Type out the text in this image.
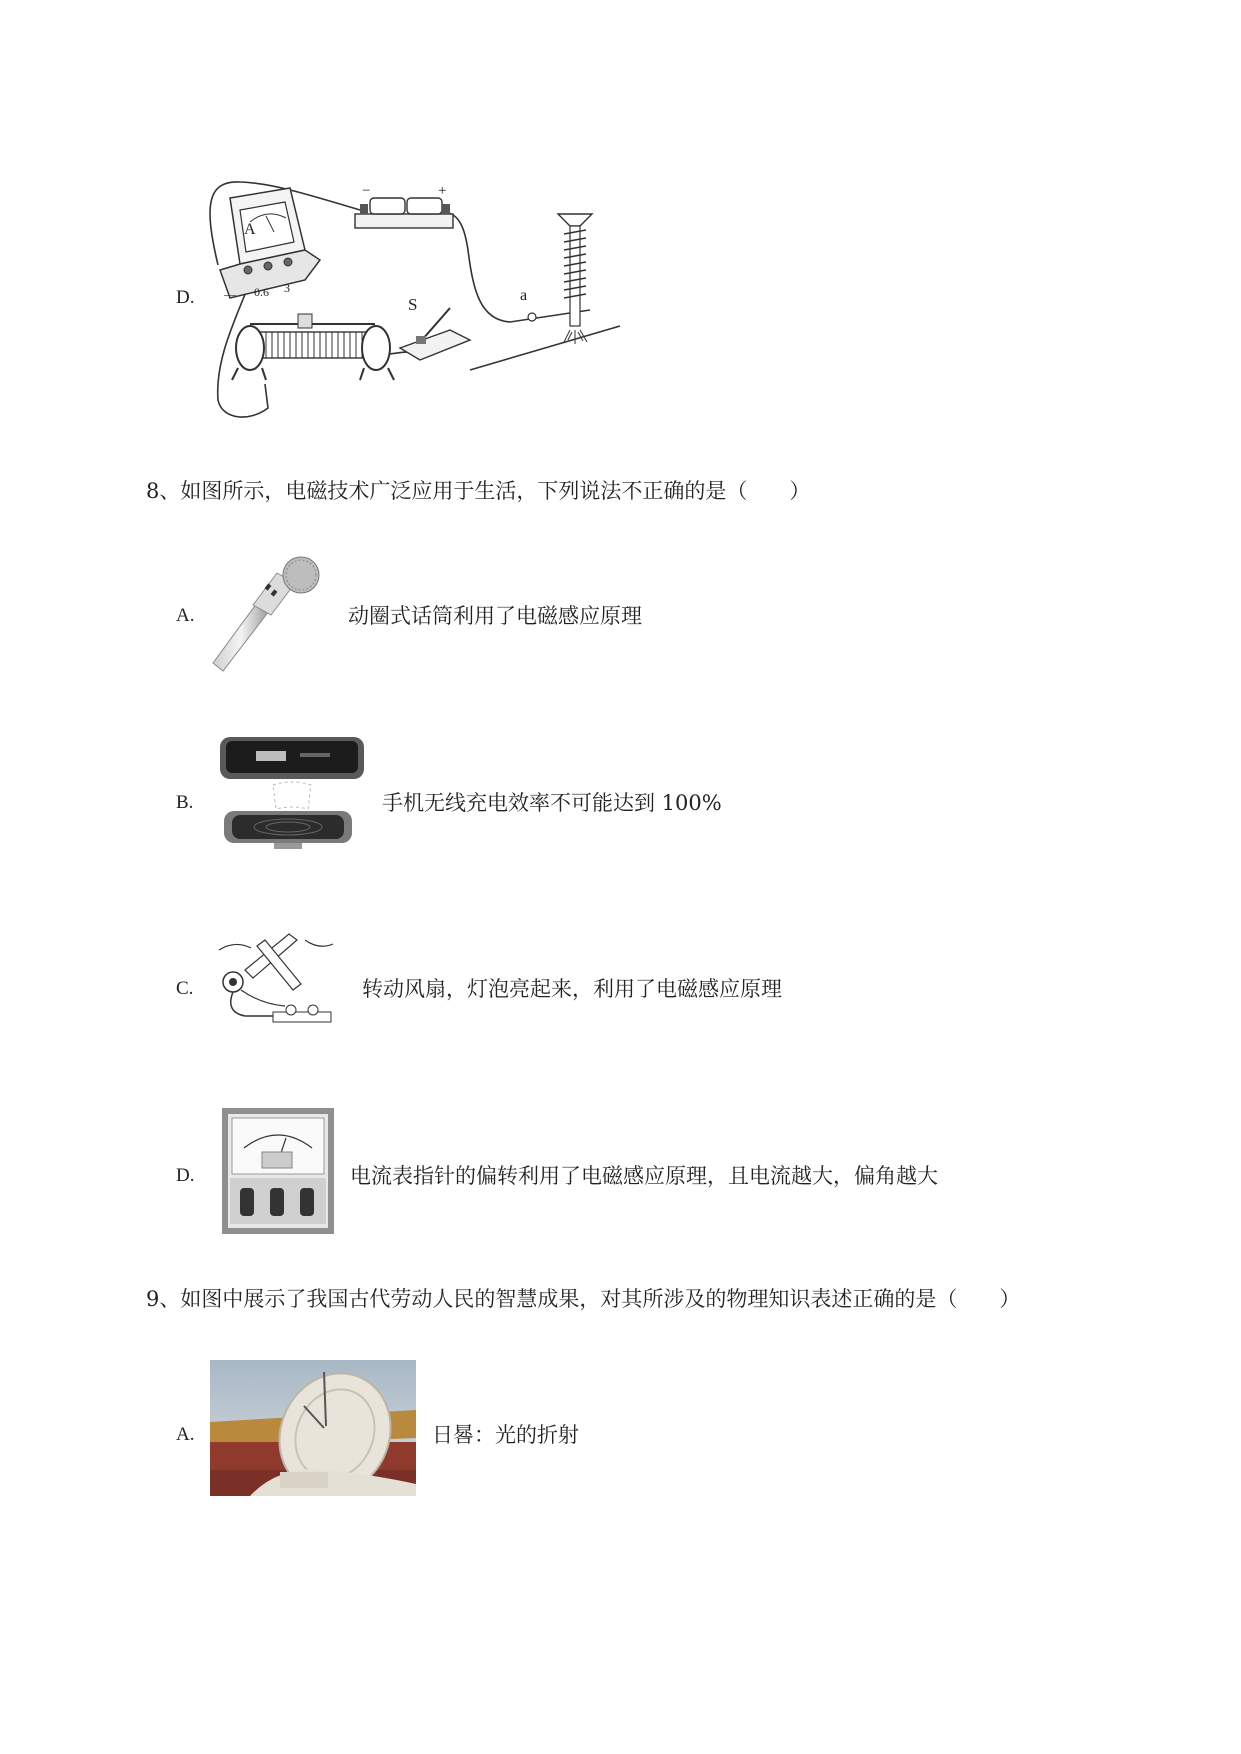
D.
A
— 0.6 3
−	+
a
S
8、如图所示，电磁技术广泛应用于生活，下列说法不正确的是（　　）
A.	动圈式话筒利用了电磁感应原理
B.	手机无线充电效率不可能达到 100%
C.	转动风扇，灯泡亮起来，利用了电磁感应原理
D.	电流表指针的偏转利用了电磁感应原理，且电流越大，偏角越大
9、如图中展示了我国古代劳动人民的智慧成果，对其所涉及的物理知识表述正确的是（　　）
A.	日晷：光的折射
